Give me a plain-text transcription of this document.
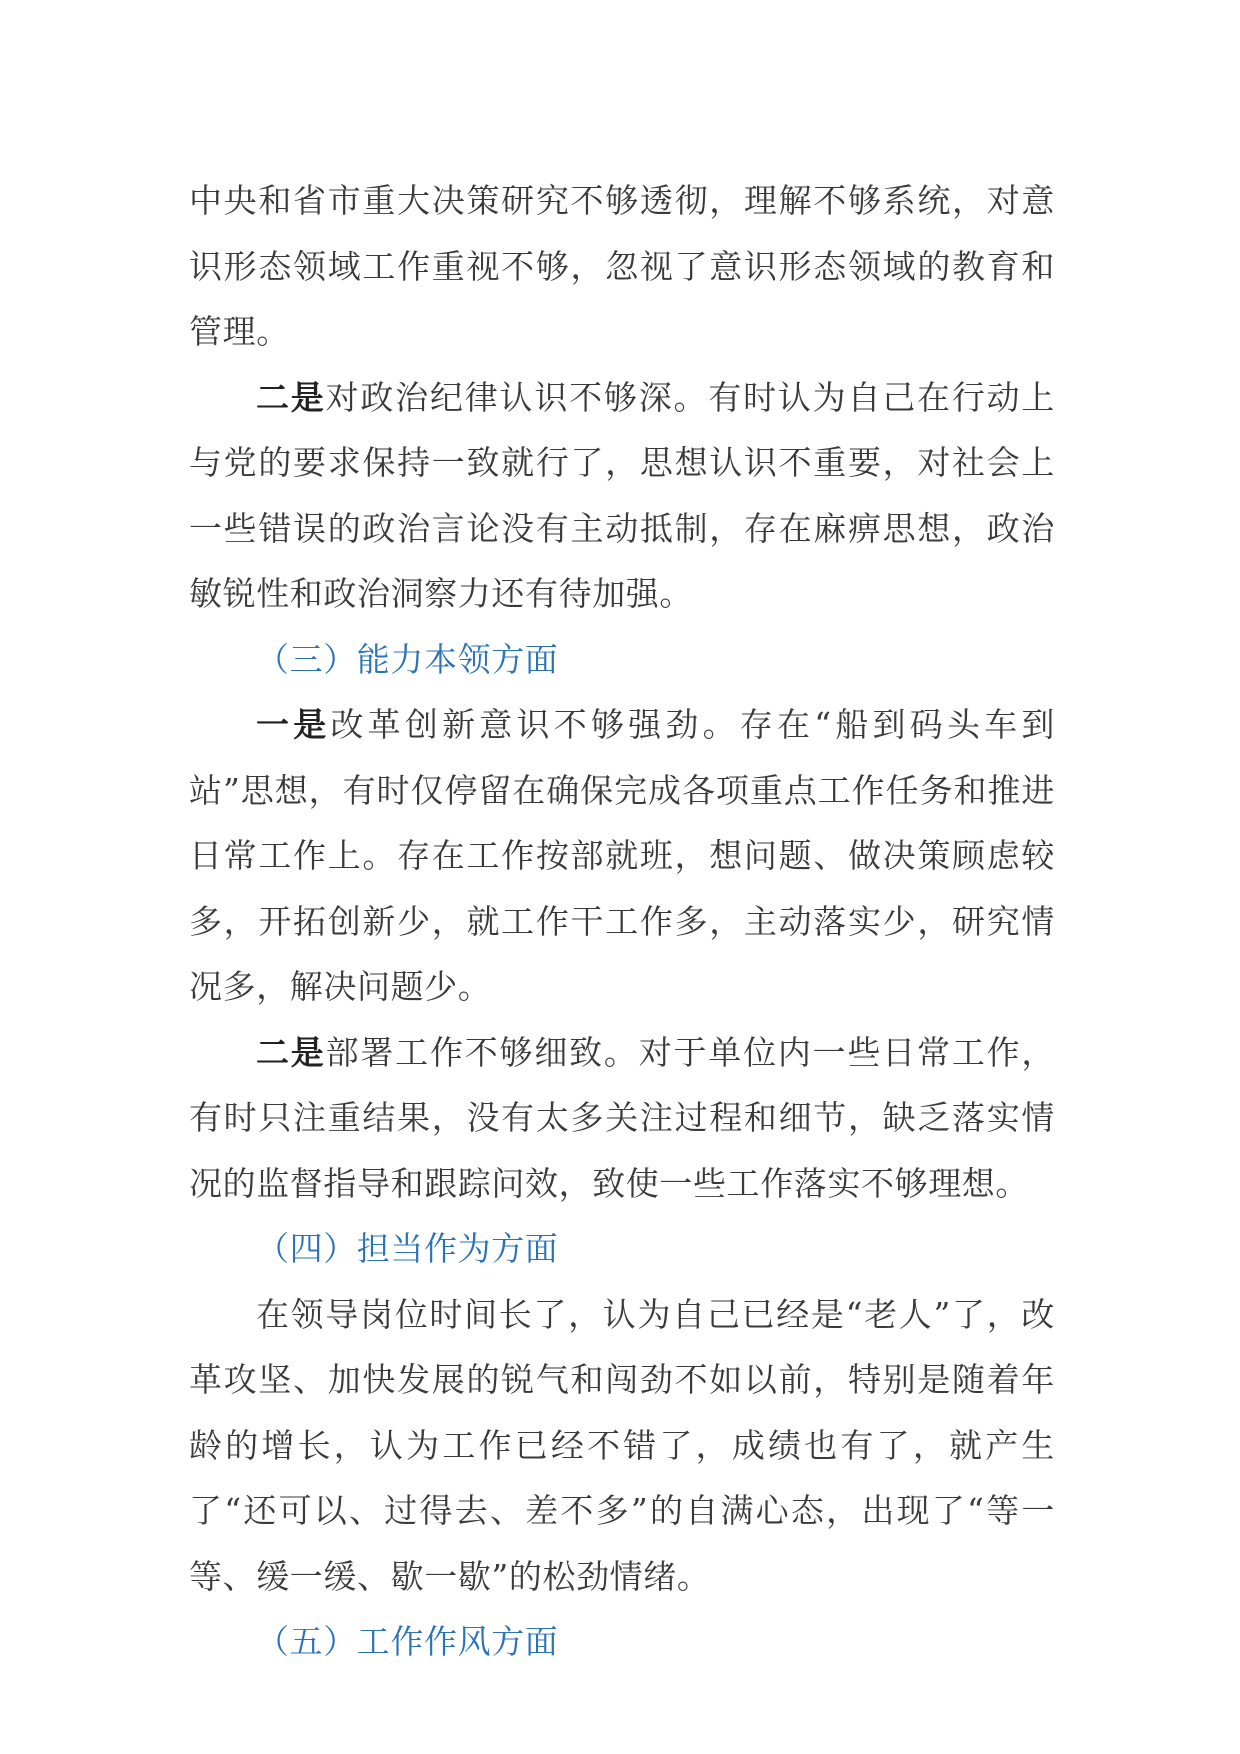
中央和省市重大决策研究不够透彻，理解不够系统，对意识形态领域工作重视不够，忽视了意识形态领域的教育和管理。

二是对政治纪律认识不够深。有时认为自己在行动上与党的要求保持一致就行了，思想认识不重要，对社会上一些错误的政治言论没有主动抵制，存在麻痹思想，政治敏锐性和政治洞察力还有待加强。

（三）能力本领方面

一是改革创新意识不够强劲。存在“船到码头车到站”思想，有时仅停留在确保完成各项重点工作任务和推进日常工作上。存在工作按部就班，想问题、做决策顾虑较多，开拓创新少，就工作干工作多，主动落实少，研究情况多，解决问题少。

二是部署工作不够细致。对于单位内一些日常工作，有时只注重结果，没有太多关注过程和细节，缺乏落实情况的监督指导和跟踪问效，致使一些工作落实不够理想。

（四）担当作为方面

在领导岗位时间长了，认为自己已经是“老人”了，改革攻坚、加快发展的锐气和闯劲不如以前，特别是随着年龄的增长，认为工作已经不错了，成绩也有了，就产生了“还可以、过得去、差不多”的自满心态，出现了“等一等、缓一缓、歇一歇”的松劲情绪。

（五）工作作风方面
